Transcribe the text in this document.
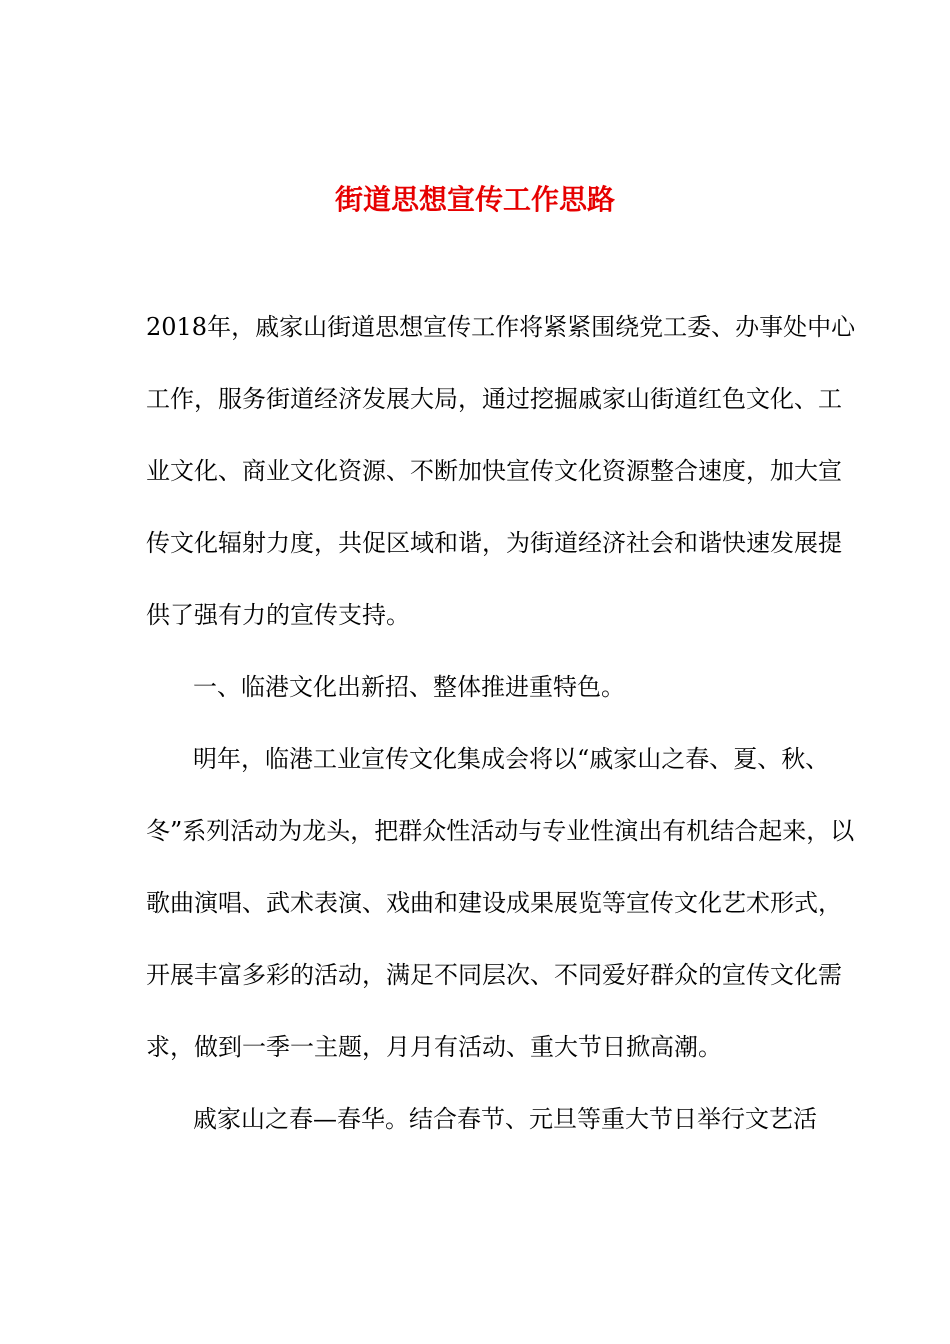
街道思想宣传工作思路

2018年，戚家山街道思想宣传工作将紧紧围绕党工委、办事处中心

工作，服务街道经济发展大局，通过挖掘戚家山街道红色文化、工

业文化、商业文化资源、不断加快宣传文化资源整合速度，加大宣

传文化辐射力度，共促区域和谐，为街道经济社会和谐快速发展提

供了强有力的宣传支持。

一、临港文化出新招、整体推进重特色。

明年，临港工业宣传文化集成会将以“戚家山之春、夏、秋、

冬”系列活动为龙头，把群众性活动与专业性演出有机结合起来，以

歌曲演唱、武术表演、戏曲和建设成果展览等宣传文化艺术形式，

开展丰富多彩的活动，满足不同层次、不同爱好群众的宣传文化需

求，做到一季一主题，月月有活动、重大节日掀高潮。

戚家山之春—春华。结合春节、元旦等重大节日举行文艺活
